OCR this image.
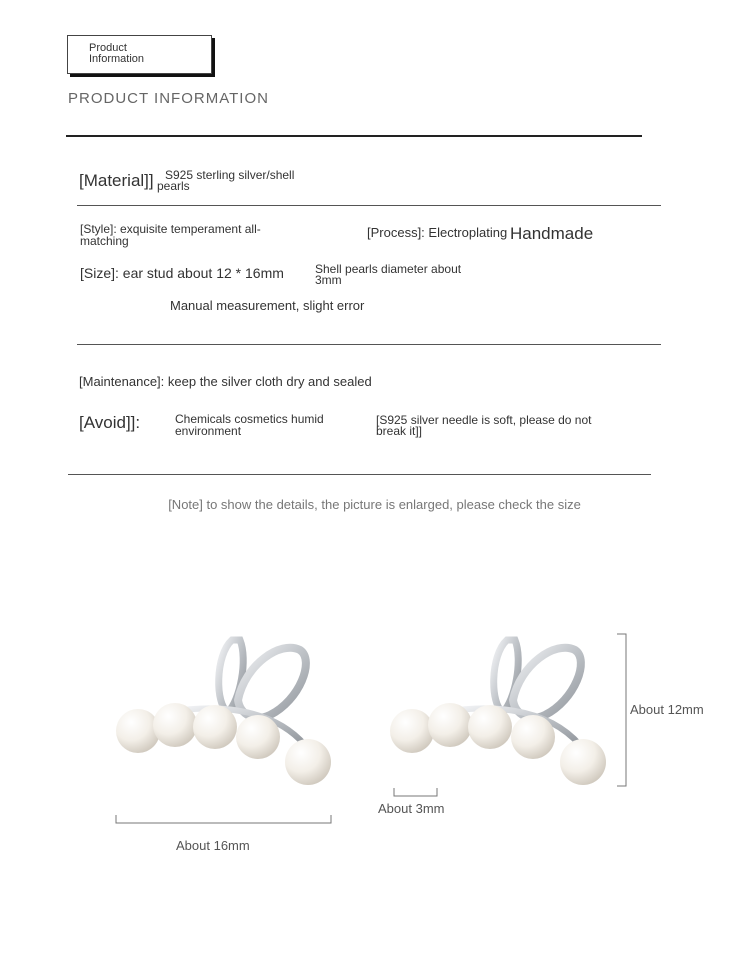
Product
Information
PRODUCT INFORMATION
[Material]] S925 sterling silver/shell
pearls
[Style]: exquisite temperament all-
matching
[Process]: Electroplating Handmade
[Size]: ear stud about 12 * 16mm	Shell pearls diameter about
3mm
Manual measurement, slight error
[Maintenance]: keep the silver cloth dry and sealed
[Avoid]]:	Chemicals cosmetics humid
environment
[S925 silver needle is soft, please do not
break it]]
[Note] to show the details, the picture is enlarged, please check the size
About 16mm
About 3mm
About 12mm
